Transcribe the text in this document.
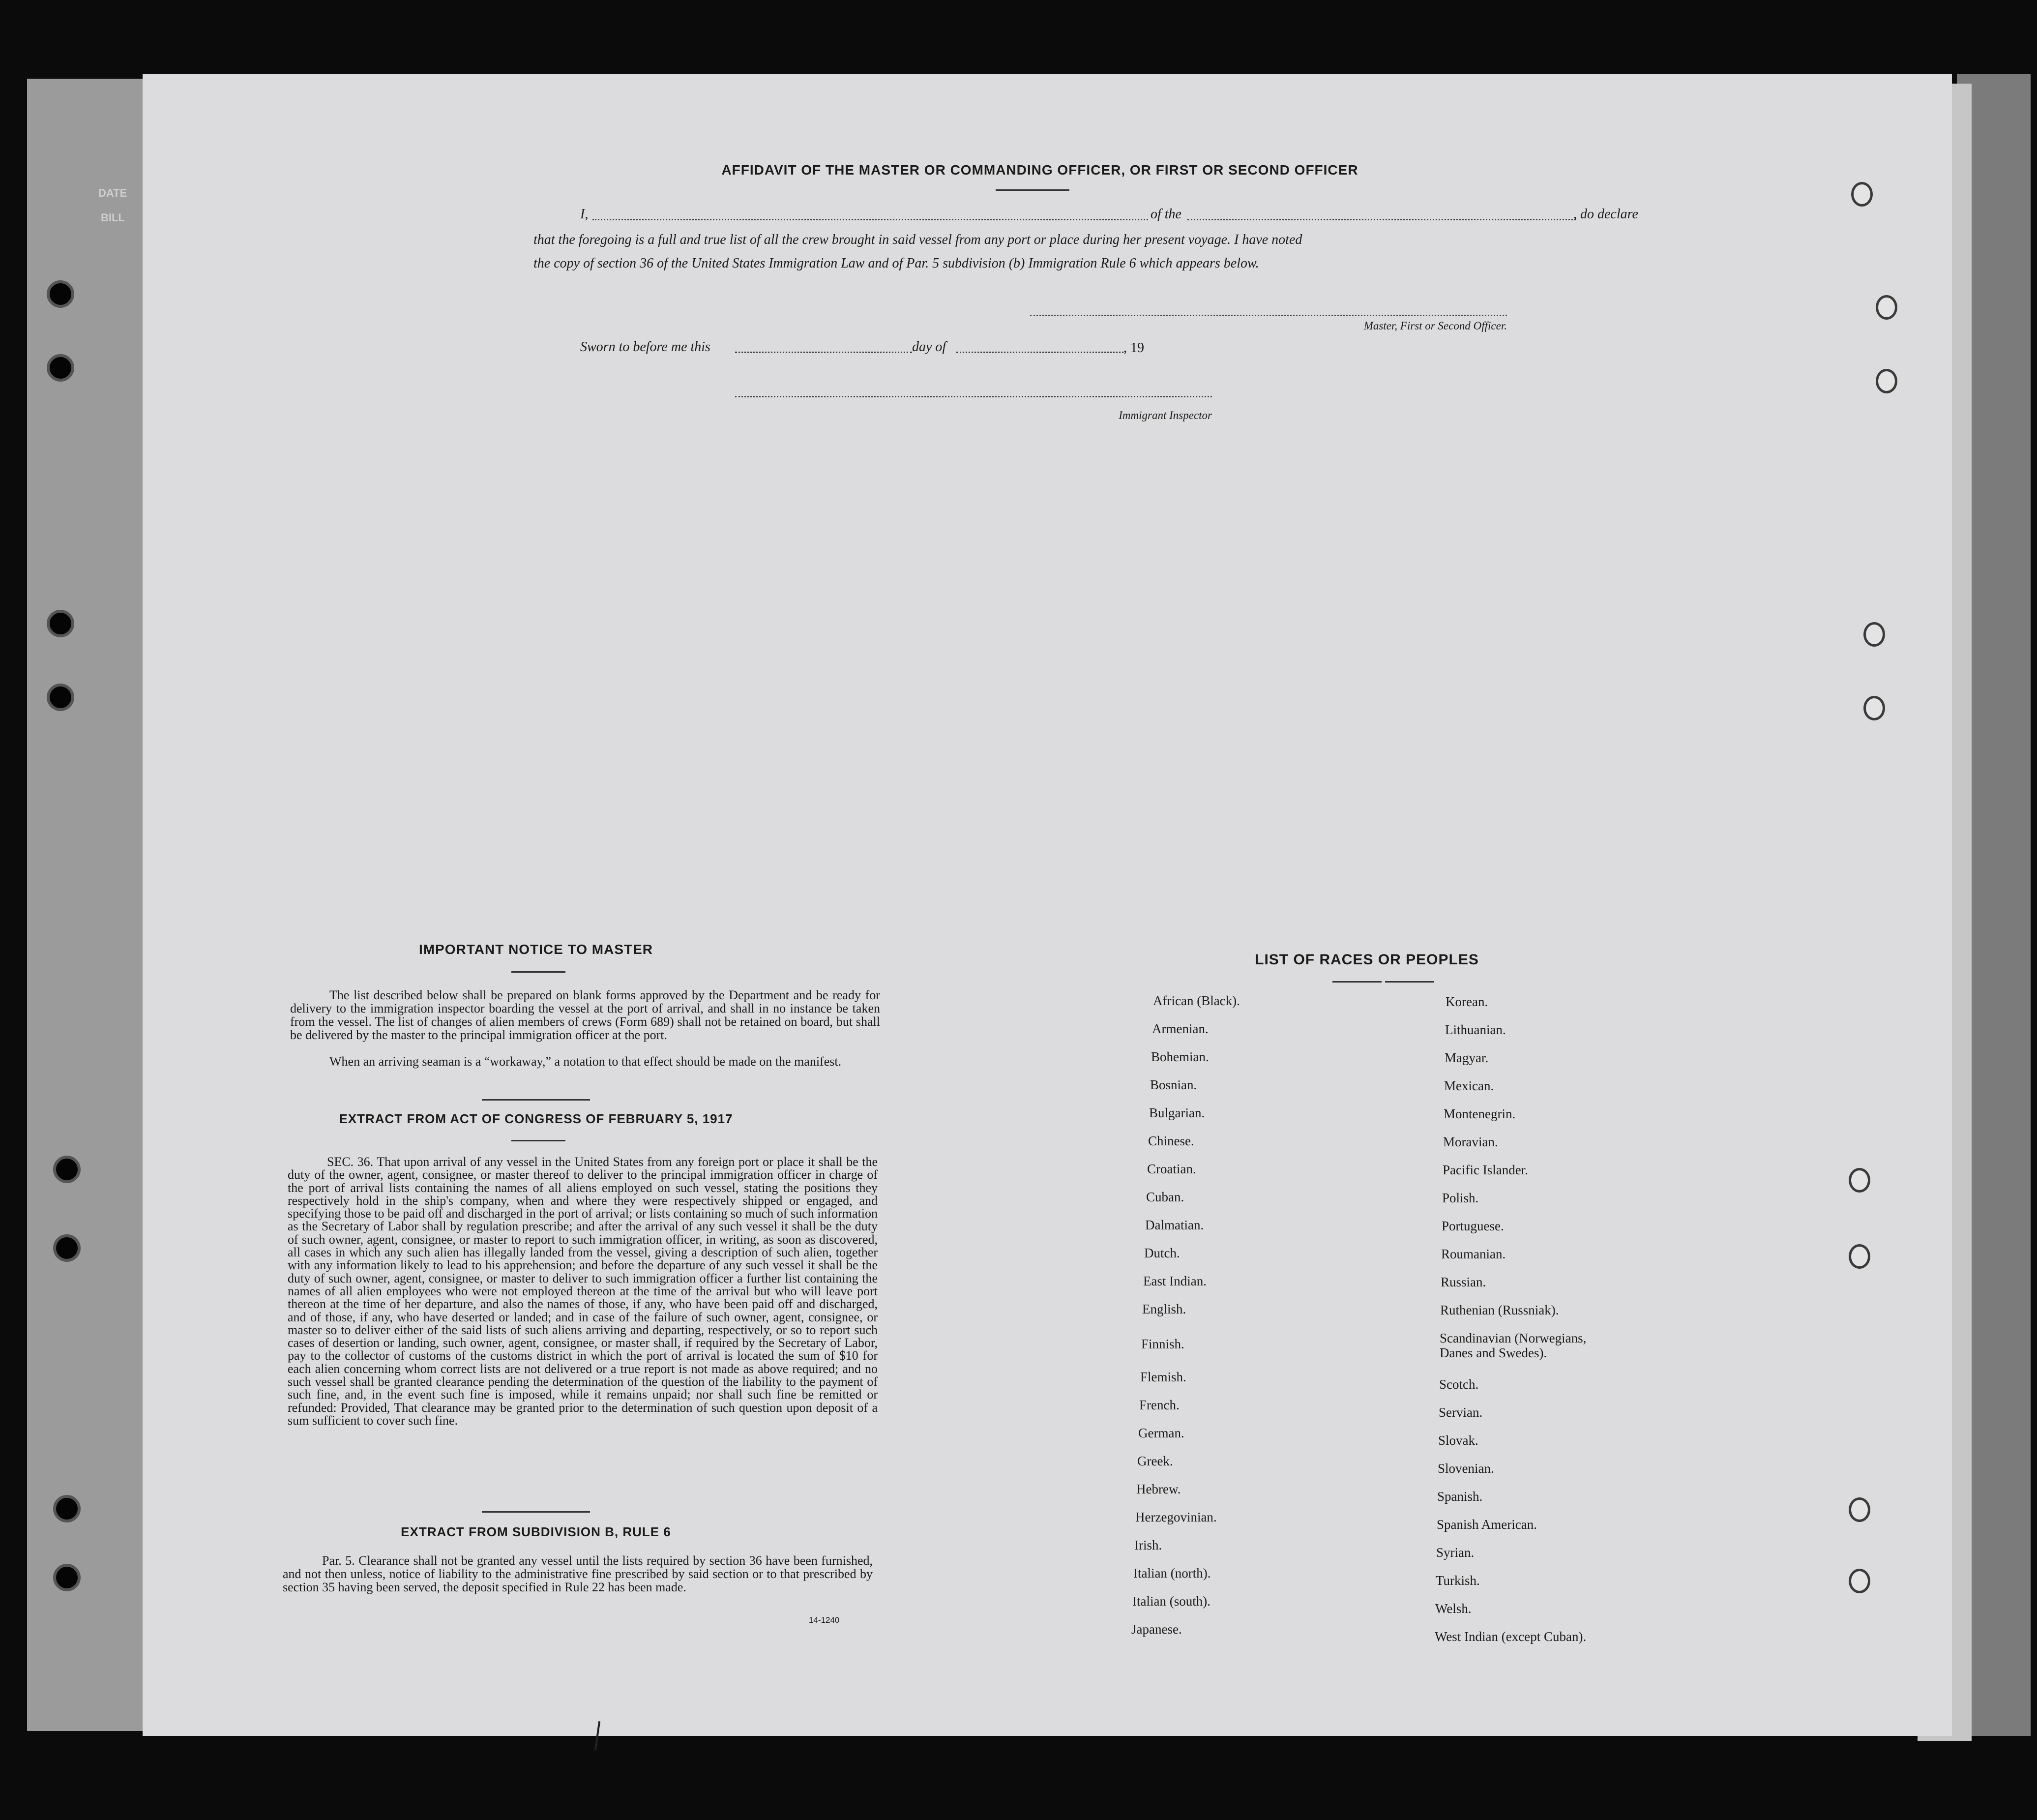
DATE
BILL
AFFIDAVIT OF THE MASTER OR COMMANDING OFFICER, OR FIRST OR SECOND OFFICER
I,	of the	, do declare
that the foregoing is a full and true list of all the crew brought in said vessel from any port or place during her present voyage. I have noted
the copy of section 36 of the United States Immigration Law and of Par. 5 subdivision (b) Immigration Rule 6 which appears below.
Master, First or Second Officer.
Sworn to before me this	day of	, 19
Immigrant Inspector
IMPORTANT NOTICE TO MASTER
The list described below shall be prepared on blank forms approved by the Department and be ready for delivery to the immigration inspector boarding the vessel at the port of arrival, and shall in no instance be taken from the vessel. The list of changes of alien members of crews (Form 689) shall not be retained on board, but shall be delivered by the master to the principal immigration officer at the port.
When an arriving seaman is a “workaway,” a notation to that effect should be made on the manifest.
EXTRACT FROM ACT OF CONGRESS OF FEBRUARY 5, 1917
SEC. 36. That upon arrival of any vessel in the United States from any foreign port or place it shall be the duty of the owner, agent, consignee, or master thereof to deliver to the principal immigration officer in charge of the port of arrival lists containing the names of all aliens employed on such vessel, stating the positions they respectively hold in the ship's company, when and where they were respectively shipped or engaged, and specifying those to be paid off and discharged in the port of arrival; or lists containing so much of such information as the Secretary of Labor shall by regulation prescribe; and after the arrival of any such vessel it shall be the duty of such owner, agent, consignee, or master to report to such immigration officer, in writing, as soon as discovered, all cases in which any such alien has illegally landed from the vessel, giving a description of such alien, together with any information likely to lead to his apprehension; and before the departure of any such vessel it shall be the duty of such owner, agent, consignee, or master to deliver to such immigration officer a further list containing the names of all alien employees who were not employed thereon at the time of the arrival but who will leave port thereon at the time of her departure, and also the names of those, if any, who have been paid off and discharged, and of those, if any, who have deserted or landed; and in case of the failure of such owner, agent, consignee, or master so to deliver either of the said lists of such aliens arriving and departing, respectively, or so to report such cases of desertion or landing, such owner, agent, consignee, or master shall, if required by the Secretary of Labor, pay to the collector of customs of the customs district in which the port of arrival is located the sum of $10 for each alien concerning whom correct lists are not delivered or a true report is not made as above required; and no such vessel shall be granted clearance pending the determination of the question of the liability to the payment of such fine, and, in the event such fine is imposed, while it remains unpaid; nor shall such fine be remitted or refunded: Provided, That clearance may be granted prior to the determination of such question upon deposit of a sum sufficient to cover such fine.
EXTRACT FROM SUBDIVISION B, RULE 6
Par. 5. Clearance shall not be granted any vessel until the lists required by section 36 have been furnished, and not then unless, notice of liability to the administrative fine prescribed by said section or to that prescribed by section 35 having been served, the deposit specified in Rule 22 has been made.
14-1240
LIST OF RACES OR PEOPLES
African (Black).
Armenian.
Bohemian.
Bosnian.
Bulgarian.
Chinese.
Croatian.
Cuban.
Dalmatian.
Dutch.
East Indian.
English.
Finnish.
Flemish.
French.
German.
Greek.
Hebrew.
Herzegovinian.
Irish.
Italian (north).
Italian (south).
Japanese.
Korean.
Lithuanian.
Magyar.
Mexican.
Montenegrin.
Moravian.
Pacific Islander.
Polish.
Portuguese.
Roumanian.
Russian.
Ruthenian (Russniak).
Scandinavian (Norwegians,
Danes and Swedes).
Scotch.
Servian.
Slovak.
Slovenian.
Spanish.
Spanish American.
Syrian.
Turkish.
Welsh.
West Indian (except Cuban).
